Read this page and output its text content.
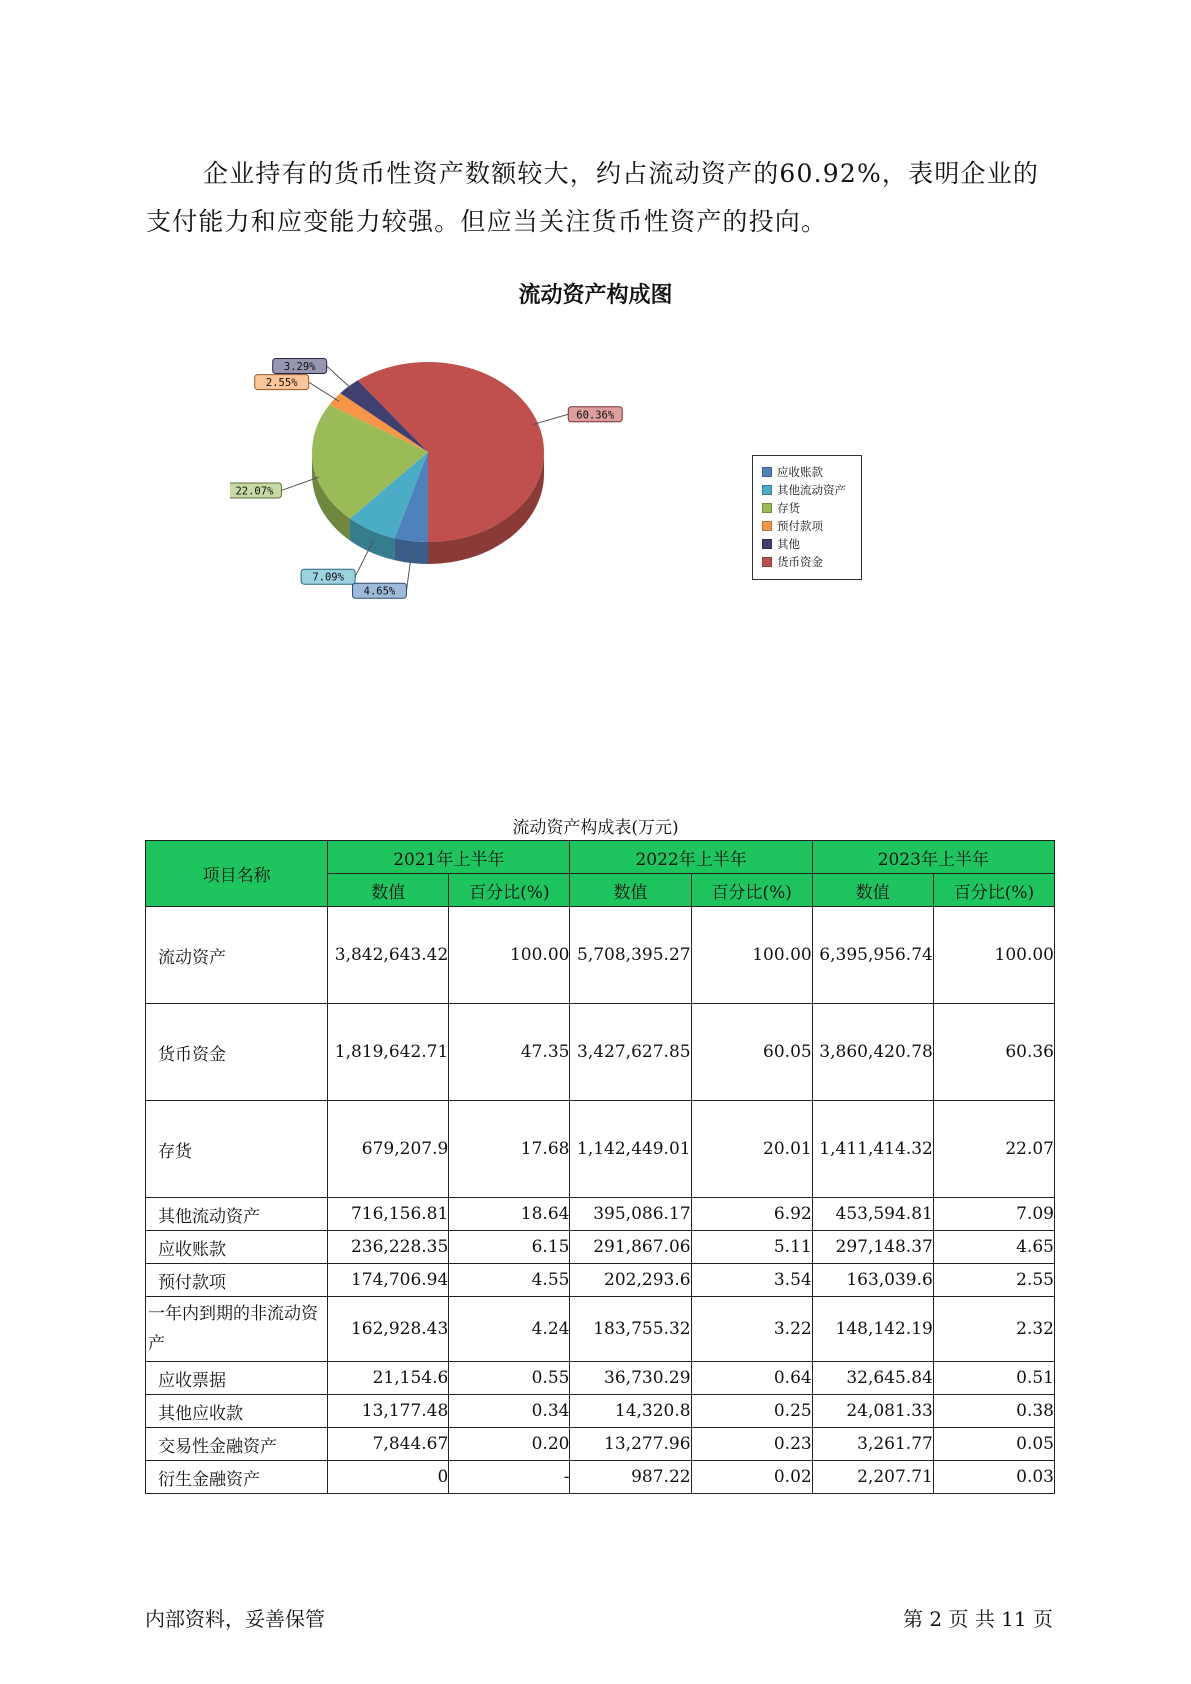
企业持有的货币性资产数额较大，约占流动资产的60.92%，表明企业的支付能力和应变能力较强。但应当关注货币性资产的投向。

流动资产构成图
4.65%
7.09%
22.07%
2.55%
3.29%
60.36%
应收账款
其他流动资产
存货
预付款项
其他
货币资金
流动资产构成表(万元)
项目名称	2021年上半年		2022年上半年		2023年上半年	
	数值	百分比(%)	数值	百分比(%)	数值	百分比(%)
流动资产	3,842,643.42	100.00	5,708,395.27	100.00	6,395,956.74	100.00
货币资金	1,819,642.71	47.35	3,427,627.85	60.05	3,860,420.78	60.36
存货	679,207.9	17.68	1,142,449.01	20.01	1,411,414.32	22.07
其他流动资产	716,156.81	18.64	395,086.17	6.92	453,594.81	7.09
应收账款	236,228.35	6.15	291,867.06	5.11	297,148.37	4.65
预付款项	174,706.94	4.55	202,293.6	3.54	163,039.6	2.55
一年内到期的非流动资产	162,928.43	4.24	183,755.32	3.22	148,142.19	2.32
应收票据	21,154.6	0.55	36,730.29	0.64	32,645.84	0.51
其他应收款	13,177.48	0.34	14,320.8	0.25	24,081.33	0.38
交易性金融资产	7,844.67	0.20	13,277.96	0.23	3,261.77	0.05
衍生金融资产	0	-	987.22	0.02	2,207.71	0.03
内部资料，妥善保管	第 2 页 共 11 页
